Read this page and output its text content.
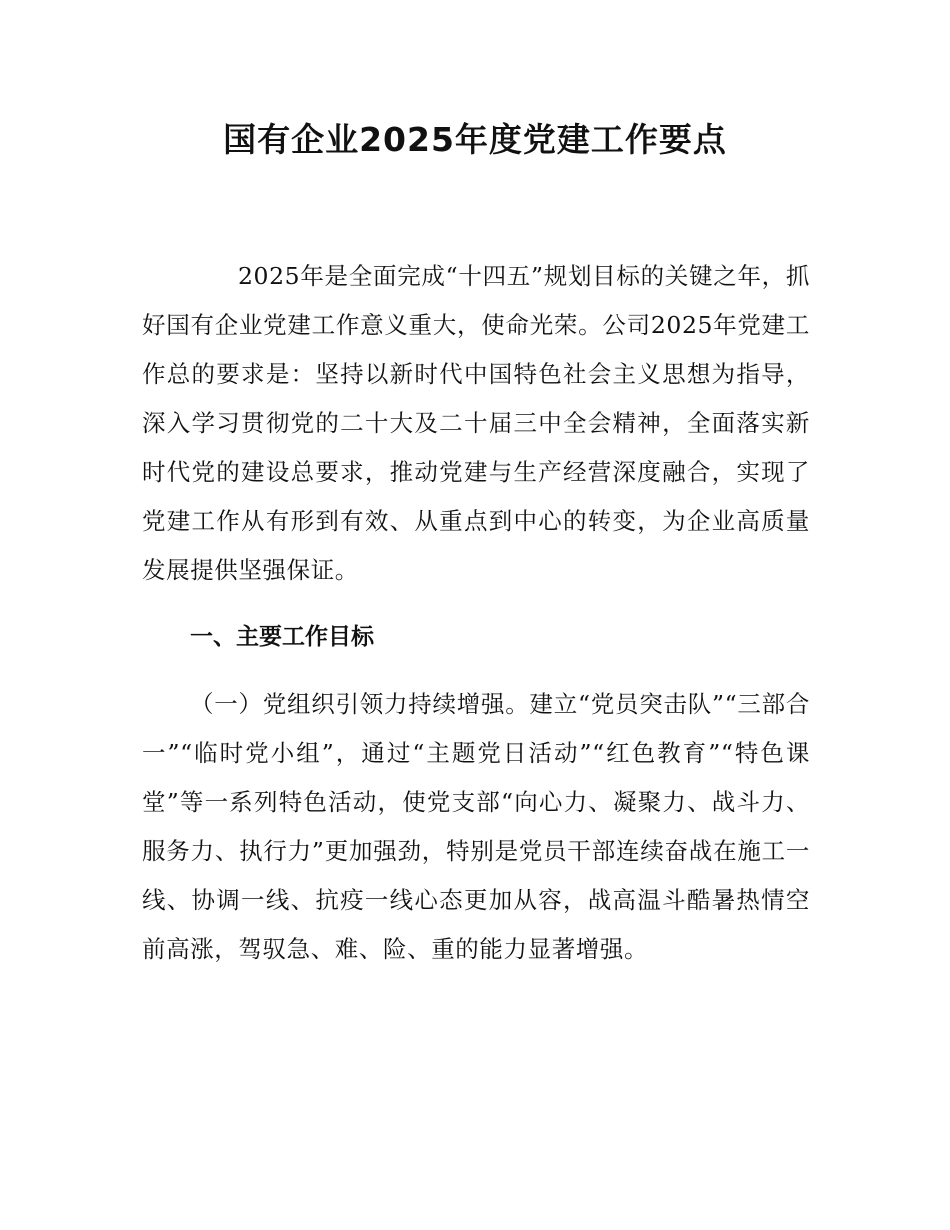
国有企业2025年度党建工作要点

2025年是全面完成“十四五”规划目标的关键之年，抓好国有企业党建工作意义重大，使命光荣。公司2025年党建工作总的要求是：坚持以新时代中国特色社会主义思想为指导，深入学习贯彻党的二十大及二十届三中全会精神，全面落实新时代党的建设总要求，推动党建与生产经营深度融合，实现了党建工作从有形到有效、从重点到中心的转变，为企业高质量发展提供坚强保证。

一、主要工作目标

（一）党组织引领力持续增强。建立“党员突击队”“三部合一”“临时党小组”，通过“主题党日活动”“红色教育”“特色课堂”等一系列特色活动，使党支部“向心力、凝聚力、战斗力、服务力、执行力”更加强劲，特别是党员干部连续奋战在施工一线、协调一线、抗疫一线心态更加从容，战高温斗酷暑热情空前高涨，驾驭急、难、险、重的能力显著增强。
